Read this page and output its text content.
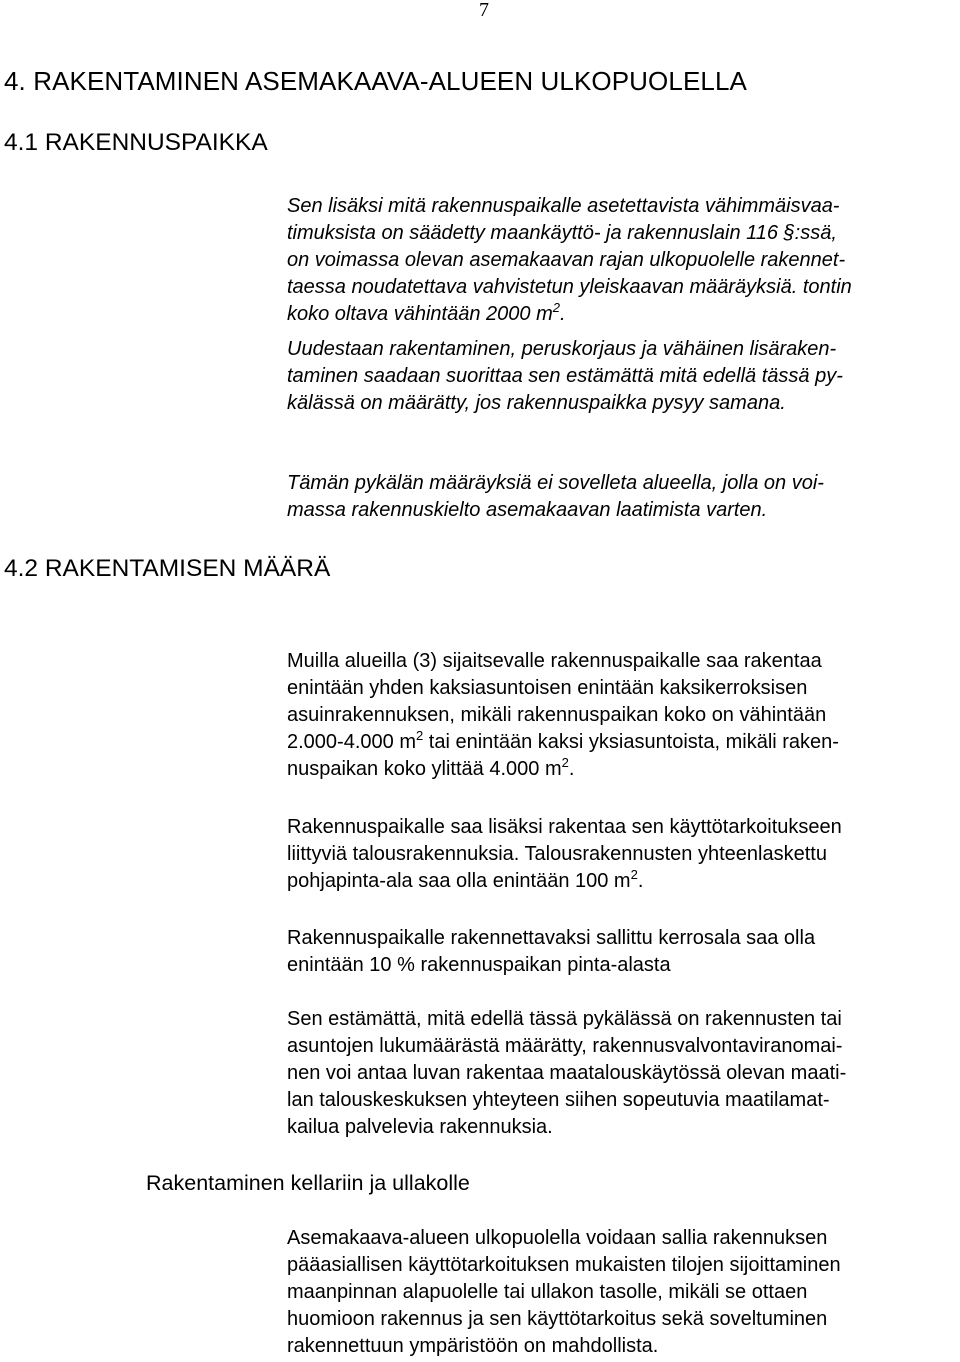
7
4. RAKENTAMINEN ASEMAKAAVA-ALUEEN ULKOPUOLELLA
4.1 RAKENNUSPAIKKA

Sen lisäksi mitä rakennuspaikalle asetettavista vähimmäisvaa-
timuksista on säädetty maankäyttö- ja rakennuslain 116 §:ssä,
on voimassa olevan asemakaavan rajan ulkopuolelle rakennet-
taessa noudatettava vahvistetun yleiskaavan määräyksiä. tontin
koko oltava vähintään 2000 $m^2$.

Uudestaan rakentaminen, peruskorjaus ja vähäinen lisäraken-
taminen saadaan suorittaa sen estämättä mitä edellä tässä py-
kälässä on määrätty, jos rakennuspaikka pysyy samana.

Tämän pykälän määräyksiä ei sovelleta alueella, jolla on voi-
massa rakennuskielto asemakaavan laatimista varten.

4.2 RAKENTAMISEN MÄÄRÄ

Muilla alueilla (3) sijaitsevalle rakennuspaikalle saa rakentaa
enintään yhden kaksiasuntoisen enintään kaksikerroksisen
asuinrakennuksen, mikäli rakennuspaikan koko on vähintään
2.000-4.000 $m^2$ tai enintään kaksi yksiasuntoista, mikäli raken-
nuspaikan koko ylittää 4.000 $m^2$.

Rakennuspaikalle saa lisäksi rakentaa sen käyttötarkoitukseen
liittyviä talousrakennuksia. Talousrakennusten yhteenlaskettu
pohjapinta-ala saa olla enintään 100 $m^2$.

Rakennuspaikalle rakennettavaksi sallittu kerrosala saa olla
enintään 10 % rakennuspaikan pinta-alasta

Sen estämättä, mitä edellä tässä pykälässä on rakennusten tai
asuntojen lukumäärästä määrätty, rakennusvalvontaviranomai-
nen voi antaa luvan rakentaa maatalouskäytössä olevan maati-
lan talouskeskuksen yhteyteen siihen sopeutuvia maatilamat-
kailua palvelevia rakennuksia.

Rakentaminen kellariin ja ullakolle

Asemakaava-alueen ulkopuolella voidaan sallia rakennuksen
pääasiallisen käyttötarkoituksen mukaisten tilojen sijoittaminen
maanpinnan alapuolelle tai ullakon tasolle, mikäli se ottaen
huomioon rakennus ja sen käyttötarkoitus sekä soveltuminen
rakennettuun ympäristöön on mahdollista.
